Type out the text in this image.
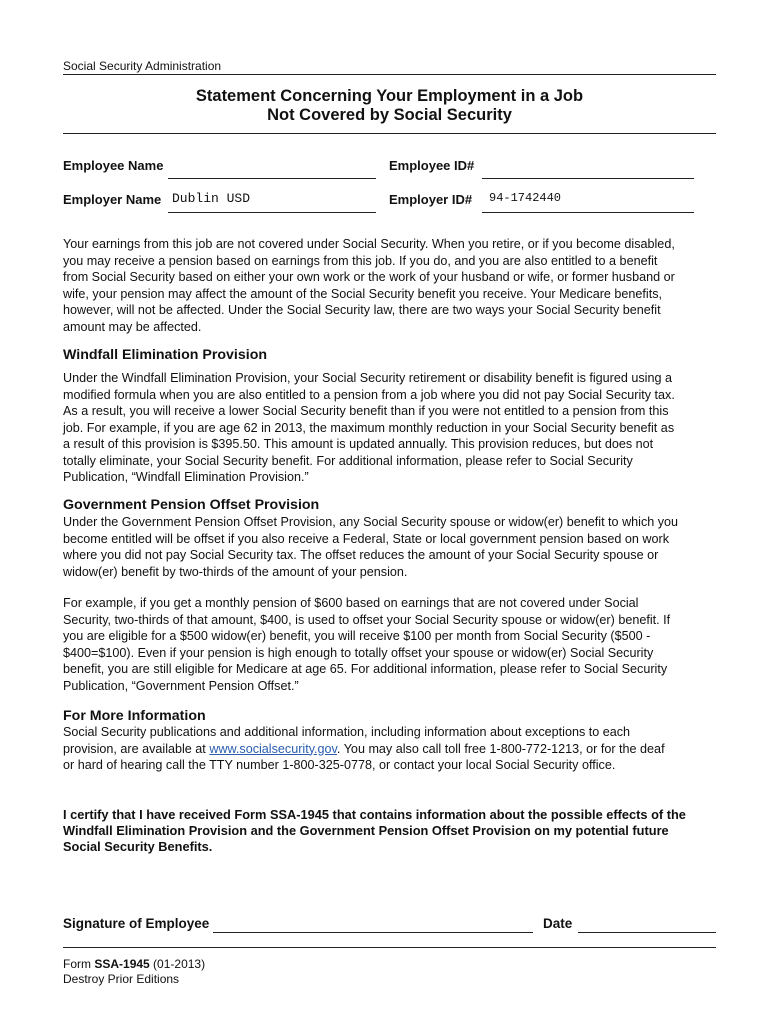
Social Security Administration
Statement Concerning Your Employment in a Job
Not Covered by Social Security
Employee Name	Employee ID#
Employer Name Dublin USD	Employer ID# 94-1742440
Your earnings from this job are not covered under Social Security. When you retire, or if you become disabled,
you may receive a pension based on earnings from this job. If you do, and you are also entitled to a benefit
from Social Security based on either your own work or the work of your husband or wife, or former husband or
wife, your pension may affect the amount of the Social Security benefit you receive. Your Medicare benefits,
however, will not be affected. Under the Social Security law, there are two ways your Social Security benefit
amount may be affected.
Windfall Elimination Provision
Under the Windfall Elimination Provision, your Social Security retirement or disability benefit is figured using a
modified formula when you are also entitled to a pension from a job where you did not pay Social Security tax.
As a result, you will receive a lower Social Security benefit than if you were not entitled to a pension from this
job. For example, if you are age 62 in 2013, the maximum monthly reduction in your Social Security benefit as
a result of this provision is $395.50. This amount is updated annually. This provision reduces, but does not
totally eliminate, your Social Security benefit. For additional information, please refer to Social Security
Publication, “Windfall Elimination Provision.”
Government Pension Offset Provision
Under the Government Pension Offset Provision, any Social Security spouse or widow(er) benefit to which you
become entitled will be offset if you also receive a Federal, State or local government pension based on work
where you did not pay Social Security tax. The offset reduces the amount of your Social Security spouse or
widow(er) benefit by two-thirds of the amount of your pension.
For example, if you get a monthly pension of $600 based on earnings that are not covered under Social
Security, two-thirds of that amount, $400, is used to offset your Social Security spouse or widow(er) benefit. If
you are eligible for a $500 widow(er) benefit, you will receive $100 per month from Social Security ($500 -
$400=$100). Even if your pension is high enough to totally offset your spouse or widow(er) Social Security
benefit, you are still eligible for Medicare at age 65. For additional information, please refer to Social Security
Publication, “Government Pension Offset.”
For More Information
Social Security publications and additional information, including information about exceptions to each
provision, are available at www.socialsecurity.gov. You may also call toll free 1-800-772-1213, or for the deaf
or hard of hearing call the TTY number 1-800-325-0778, or contact your local Social Security office.
I certify that I have received Form SSA-1945 that contains information about the possible effects of the
Windfall Elimination Provision and the Government Pension Offset Provision on my potential future
Social Security Benefits.
Signature of Employee	Date
Form SSA-1945 (01-2013)
Destroy Prior Editions
